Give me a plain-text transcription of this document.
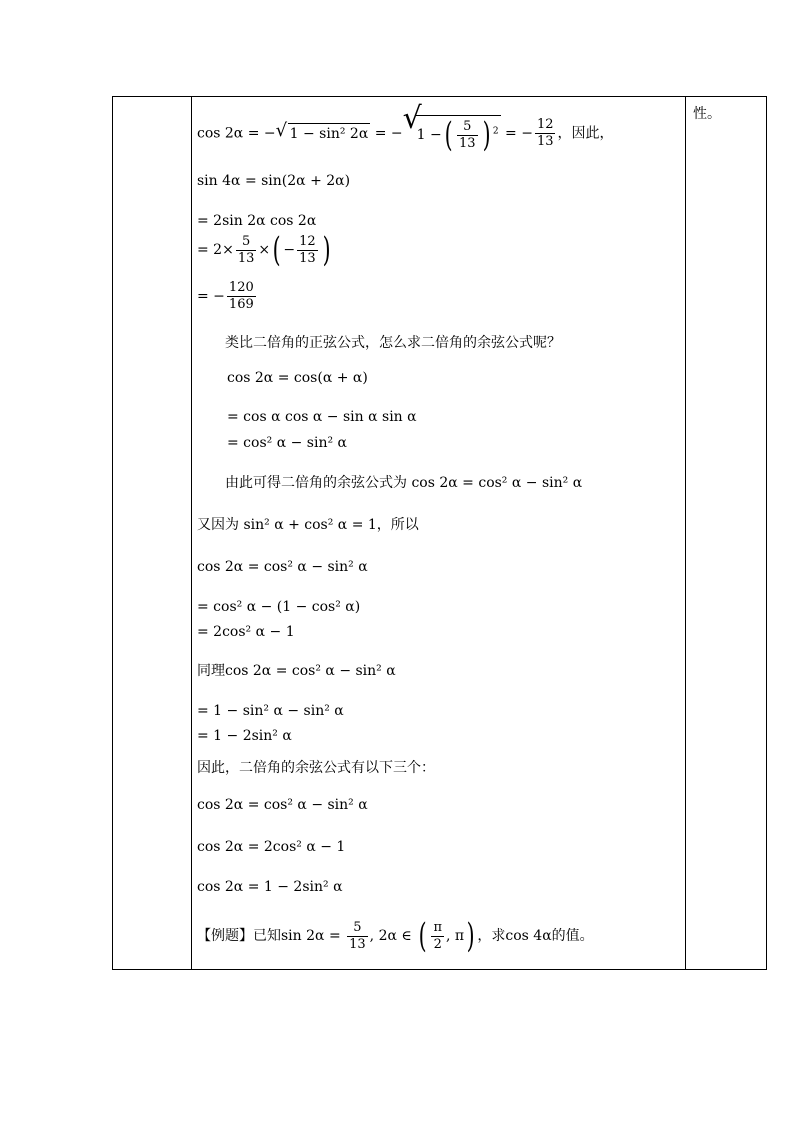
性。
cos 2α = − √ 1 − sin² 2α = − √
1 −( $\frac{5}{13}$ ) $^2$ = − $\frac{12}{13}$ ，因此，
sin 4α = sin(2α + 2α)
= 2sin 2α cos 2α
= $2\times \frac{5}{13}$ ×( − $\frac{12}{13}$ )
= − $\frac{120}{169}$
类比二倍角的正弦公式，怎么求二倍角的余弦公式呢？
cos 2α = cos(α + α)
= cos α cos α − sin α sin α
= cos² α − sin² α
由此可得二倍角的余弦公式为 cos 2α = cos² α − sin² α
又因为 sin² α + cos² α = 1，所以
cos 2α = cos² α − sin² α
= cos² α − (1 − cos² α)
= 2cos² α − 1
同理cos 2α = cos² α − sin² α
= 1 − sin² α − sin² α
= 1 − 2sin² α
因此，二倍角的余弦公式有以下三个：
cos 2α = cos² α − sin² α
cos 2α = 2cos² α − 1
cos 2α = 1 − 2sin² α
【例题】已知$\sin 2\alpha = \frac{5}{13}$ , 2α ∈ ( $\frac{\pi}{2}$ , π) ，求cos 4α的值。
